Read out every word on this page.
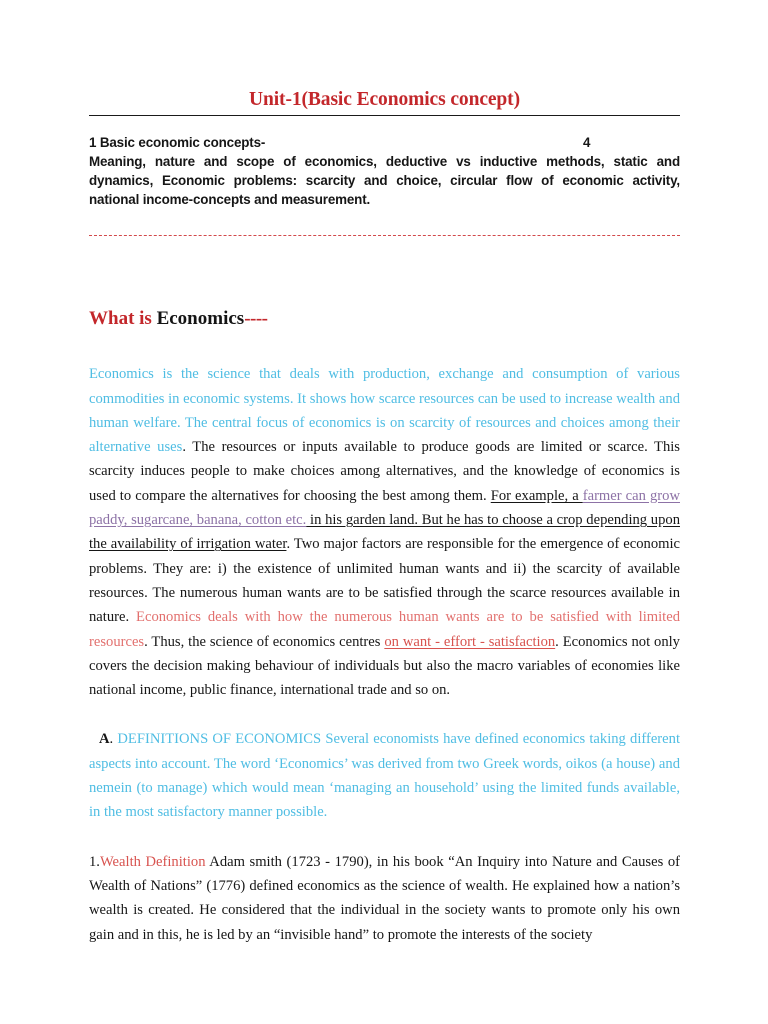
Unit-1(Basic Economics concept)
1 Basic economic concepts-	4
Meaning, nature and scope of economics, deductive vs inductive methods, static and dynamics, Economic problems: scarcity and choice, circular flow of economic activity, national income-concepts and measurement.
What is Economics----

Economics is the science that deals with production, exchange and consumption of various commodities in economic systems. It shows how scarce resources can be used to increase wealth and human welfare. The central focus of economics is on scarcity of resources and choices among their alternative uses. The resources or inputs available to produce goods are limited or scarce. This scarcity induces people to make choices among alternatives, and the knowledge of economics is used to compare the alternatives for choosing the best among them. For example, a farmer can grow paddy, sugarcane, banana, cotton etc. in his garden land. But he has to choose a crop depending upon the availability of irrigation water. Two major factors are responsible for the emergence of economic problems. They are: i) the existence of unlimited human wants and ii) the scarcity of available resources. The numerous human wants are to be satisfied through the scarce resources available in nature. Economics deals with how the numerous human wants are to be satisfied with limited resources. Thus, the science of economics centres on want - effort - satisfaction. Economics not only covers the decision making behaviour of individuals but also the macro variables of economies like national income, public finance, international trade and so on.

A. DEFINITIONS OF ECONOMICS Several economists have defined economics taking different aspects into account. The word ‘Economics’ was derived from two Greek words, oikos (a house) and nemein (to manage) which would mean ‘managing an household’ using the limited funds available, in the most satisfactory manner possible.

1.Wealth Definition Adam smith (1723 - 1790), in his book “An Inquiry into Nature and Causes of Wealth of Nations” (1776) defined economics as the science of wealth. He explained how a nation’s wealth is created. He considered that the individual in the society wants to promote only his own gain and in this, he is led by an “invisible hand” to promote the interests of the society
